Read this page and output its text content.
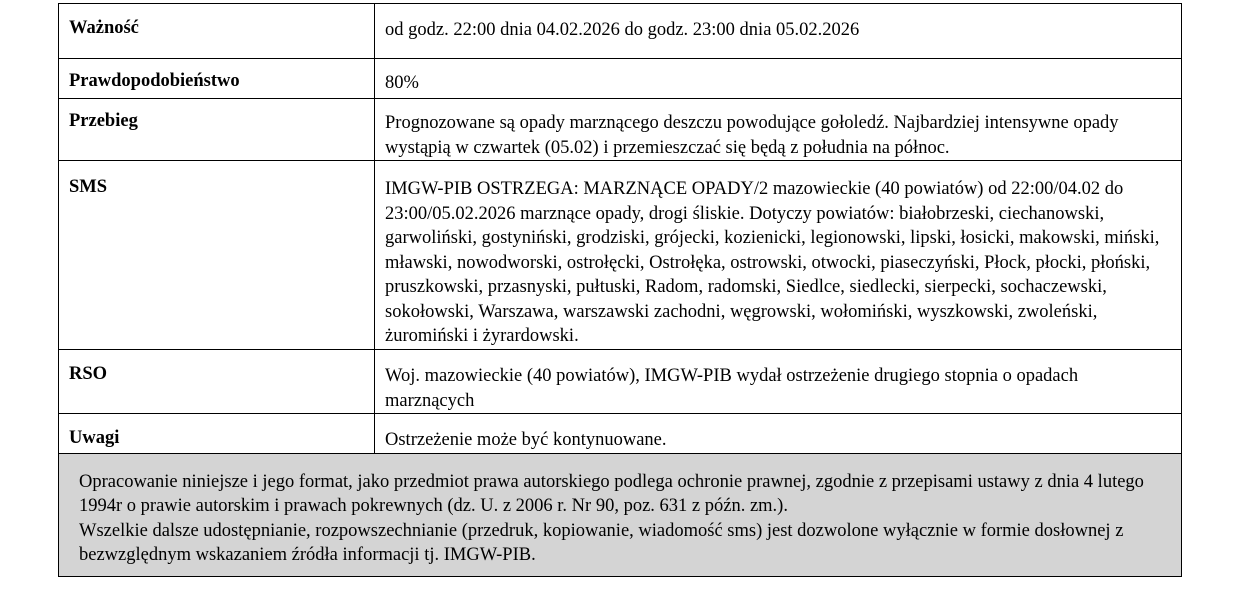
Ważność	od godz. 22:00 dnia 04.02.2026 do godz. 23:00 dnia 05.02.2026
Prawdopodobieństwo	80%
Przebieg	Prognozowane są opady marznącego deszczu powodujące gołoledź. Najbardziej intensywne opady wystąpią w czwartek (05.02) i przemieszczać się będą z południa na północ.
SMS	IMGW-PIB OSTRZEGA: MARZNĄCE OPADY/2 mazowieckie (40 powiatów) od 22:00/04.02 do 23:00/05.02.2026 marznące opady, drogi śliskie. Dotyczy powiatów: białobrzeski, ciechanowski, garwoliński, gostyniński, grodziski, grójecki, kozienicki, legionowski, lipski, łosicki, makowski, miński, mławski, nowodworski, ostrołęcki, Ostrołęka, ostrowski, otwocki, piaseczyński, Płock, płocki, płoński, pruszkowski, przasnyski, pułtuski, Radom, radomski, Siedlce, siedlecki, sierpecki, sochaczewski, sokołowski, Warszawa, warszawski zachodni, węgrowski, wołomiński, wyszkowski, zwoleński, żuromiński i żyrardowski.
RSO	Woj. mazowieckie (40 powiatów), IMGW-PIB wydał ostrzeżenie drugiego stopnia o opadach marznących
Uwagi	Ostrzeżenie może być kontynuowane.

Opracowanie niniejsze i jego format, jako przedmiot prawa autorskiego podlega ochronie prawnej, zgodnie z przepisami ustawy z dnia 4 lutego 1994r o prawie autorskim i prawach pokrewnych (dz. U. z 2006 r. Nr 90, poz. 631 z późn. zm.).
Wszelkie dalsze udostępnianie, rozpowszechnianie (przedruk, kopiowanie, wiadomość sms) jest dozwolone wyłącznie w formie dosłownej z bezwzględnym wskazaniem źródła informacji tj. IMGW-PIB.	
